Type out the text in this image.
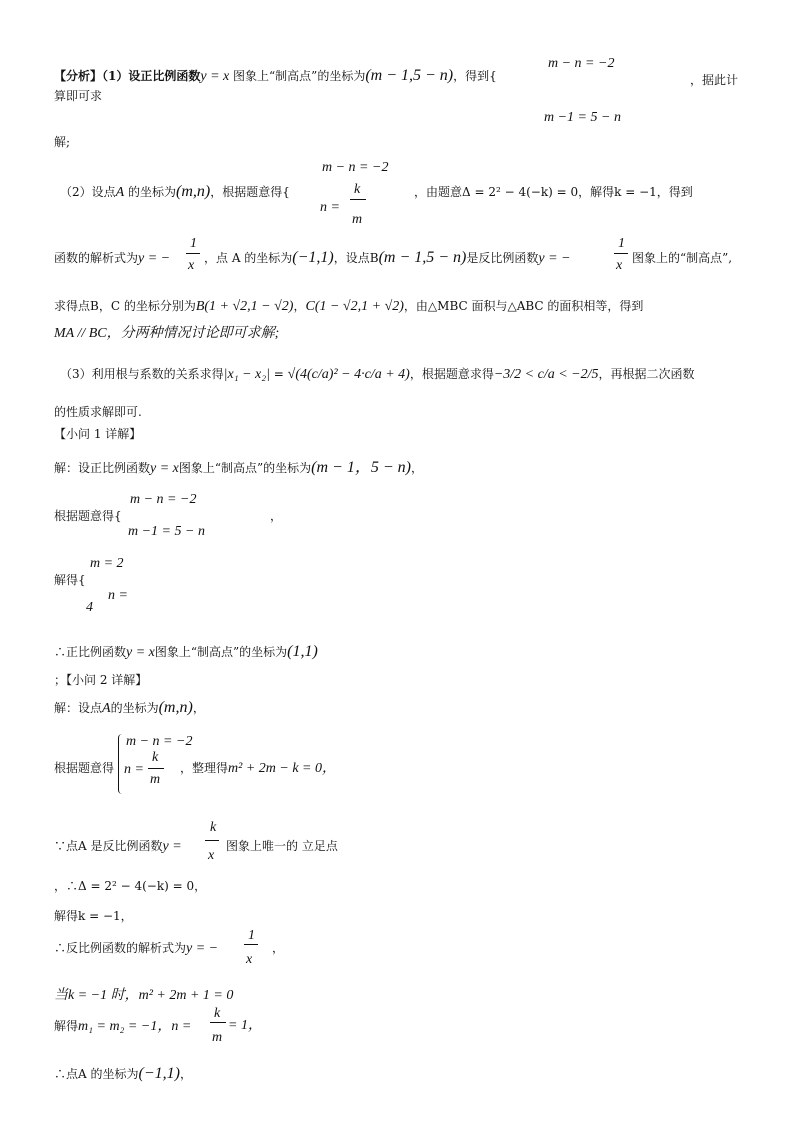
【分析】（1）设正比例函数y = x 图象上“制高点”的坐标为(m − 1,5 − n)，得到{
m − n = −2
，据此计
算即可求
m −1 = 5 − n
解;
（2）设点A 的坐标为(m,n)，根据题意得{
m − n = −2
k
n =
m
，由题意Δ = 2² − 4(−k) = 0，解得k = −1，得到
函数的解析式为y = −
1
x ，点 A 的坐标为(−1,1)，设点B(m − 1,5 − n)是反比例函数y = −
1
x 图象上的“制高点”,
求得点B，C 的坐标分别为B(1 + √2,1 − √2)，C(1 − √2,1 + √2)，由△MBC 面积与△ABC 的面积相等，得到
MA // BC，分两种情况讨论即可求解;
（3）利用根与系数的关系求得|x₁ − x₂| = √(4(c/a)² − 4·c/a + 4)，根据题意求得−3/2 < c/a < −2/5，再根据二次函数
的性质求解即可.
【小问 1 详解】
解：设正比例函数y = x图象上“制高点”的坐标为(m − 1，5 − n)，
m − n = −2
根据题意得{	，
m −1 = 5 − n
m = 2
解得{
n =
4
∴正比例函数y = x图象上“制高点”的坐标为(1,1)
；【小问 2 详解】
解：设点A的坐标为(m,n)，
m − n = −2
根据题意得
k
n =
m
，整理得m² + 2m − k = 0，
∵点A 是反比例函数y =
k
x
图象上唯一的 立足点
，∴Δ = 2² − 4(−k) = 0，
解得k = −1，
∴反比例函数的解析式为y = −
1
x
，
当k = −1 时，m² + 2m + 1 = 0
解得m₁ = m₂ = −1，n =
k
m
= 1，
∴点A 的坐标为(−1,1)，
